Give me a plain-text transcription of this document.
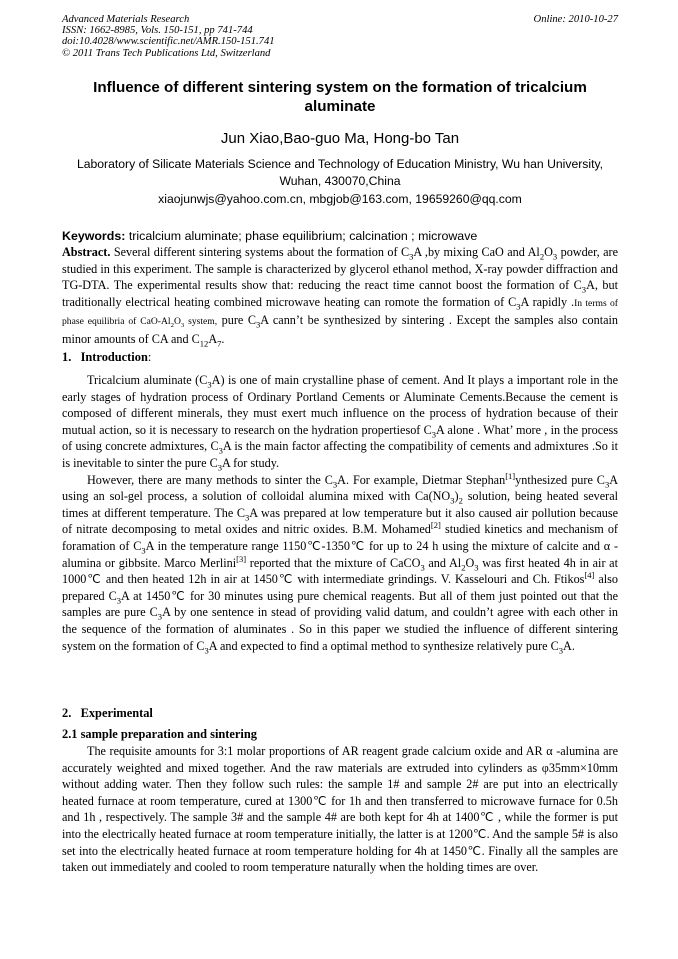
Advanced Materials Research
ISSN: 1662-8985, Vols. 150-151, pp 741-744
doi:10.4028/www.scientific.net/AMR.150-151.741
© 2011 Trans Tech Publications Ltd, Switzerland
Online: 2010-10-27
Influence of different sintering system on the formation of tricalcium aluminate
Jun Xiao,Bao-guo Ma, Hong-bo Tan
Laboratory of Silicate Materials Science and Technology of Education Ministry, Wu han University, Wuhan, 430070,China
xiaojunwjs@yahoo.com.cn, mbgjob@163.com, 19659260@qq.com
Keywords: tricalcium aluminate; phase equilibrium; calcination ; microwave

Abstract. Several different sintering systems about the formation of $C_3A$ ,by mixing CaO and $Al_2O_3$ powder, are studied in this experiment. The sample is characterized by glycerol ethanol method, X-ray powder diffraction and TG-DTA. The experimental results show that: reducing the react time cannot boost the formation of $C_3A$, but traditionally electrical heating combined microwave heating can romote the formation of $C_3A$ rapidly .In terms of phase equilibria of CaO-$Al_2O_3$ system, pure $C_3A$ cann’t be synthesized by sintering . Except the samples also contain minor amounts of CA and $C_{12}A_7$.

1. Introduction:

Tricalcium aluminate $(C_3A)$ is one of main crystalline phase of cement. And It plays a important role in the early stages of hydration process of Ordinary Portland Cements or Aluminate Cements.Because the cement is composed of different minerals, they must exert much influence on the process of hydration because of their mutual action, so it is necessary to research on the hydration propertiesof $C_3A$ alone . What’ more , in the process of using concrete admixtures, $C_3A$ is the main factor affecting the compatibility of cements and admixtures .So it is inevitable to sinter the pure $C_3A$ for study.

However, there are many methods to sinter the $C_3A$. For example, Dietmar Stephan[1]ynthesized pure $C_3A$ using an sol-gel process, a solution of colloidal alumina mixed with $Ca(NO_3)_2$ solution, being heated several times at different temperature. The $C_3A$ was prepared at low temperature but it also caused air pollution because of nitrate decomposing to metal oxides and nitric oxides. B.M. Mohamed[2] studied kinetics and mechanism of foramation of $C_3A$ in the temperature range 1150℃-1350℃ for up to 24 h using the mixture of calcite and α -alumina or gibbsite. Marco Merlini[3] reported that the mixture of CaCO$_3$ and $Al_2O_3$ was first heated 4h in air at 1000℃ and then heated 12h in air at 1450℃ with intermediate grindings. V. Kasselouri and Ch. Ftikos[4] also prepared $C_3A$ at 1450℃ for 30 minutes using pure chemical reagents. But all of them just pointed out that the samples are pure $C_3A$ by one sentence in stead of providing valid datum, and couldn’t agree with each other in the sequence of the formation of aluminates . So in this paper we studied the influence of different sintering system on the formation of $C_3A$ and expected to find a optimal method to synthesize relatively pure $C_3A$.

2. Experimental
2.1 sample preparation and sintering

The requisite amounts for 3:1 molar proportions of AR reagent grade calcium oxide and AR α -alumina are accurately weighted and mixed together. And the raw materials are extruded into cylinders as φ35mm×10mm without adding water. Then they follow such rules: the sample 1# and sample 2# are put into an electrically heated furnace at room temperature, cured at 1300℃ for 1h and then transferred to microwave furnace for 0.5h and 1h , respectively. The sample 3# and the sample 4# are both kept for 4h at 1400℃ , while the former is put into the electrically heated furnace at room temperature initially, the latter is at 1200℃. And the sample 5# is also set into the electrically heated furnace at room temperature holding for 4h at 1450℃. Finally all the samples are taken out immediately and cooled to room temperature naturally when the holding times are over.
